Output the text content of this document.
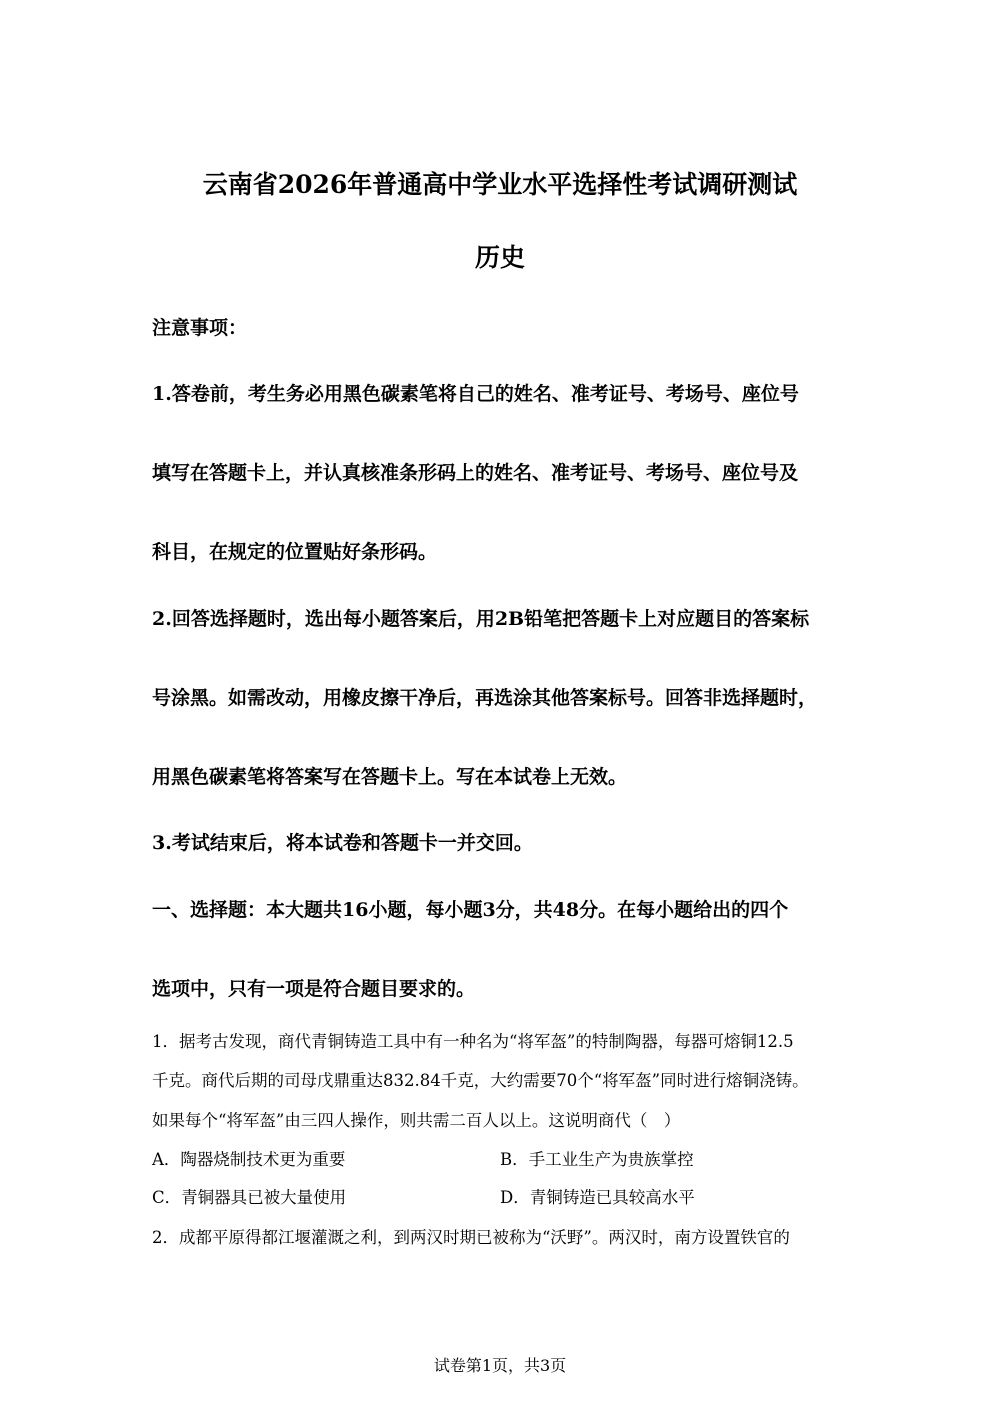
云南省2026年普通高中学业水平选择性考试调研测试
历史
注意事项：
1.答卷前，考生务必用黑色碳素笔将自己的姓名、准考证号、考场号、座位号
填写在答题卡上，并认真核准条形码上的姓名、准考证号、考场号、座位号及
科目，在规定的位置贴好条形码。
2.回答选择题时，选出每小题答案后，用2B铅笔把答题卡上对应题目的答案标
号涂黑。如需改动，用橡皮擦干净后，再选涂其他答案标号。回答非选择题时，
用黑色碳素笔将答案写在答题卡上。写在本试卷上无效。
3.考试结束后，将本试卷和答题卡一并交回。
一、选择题：本大题共16小题，每小题3分，共48分。在每小题给出的四个
选项中，只有一项是符合题目要求的。
1．据考古发现，商代青铜铸造工具中有一种名为“将军盔”的特制陶器，每器可熔铜12.5
千克。商代后期的司母戊鼎重达832.84千克，大约需要70个“将军盔”同时进行熔铜浇铸。
如果每个“将军盔”由三四人操作，则共需二百人以上。这说明商代（　）
A．陶器烧制技术更为重要	B．手工业生产为贵族掌控
C．青铜器具已被大量使用	D．青铜铸造已具较高水平
2．成都平原得都江堰灌溉之利，到两汉时期已被称为“沃野”。两汉时，南方设置铁官的
试卷第1页，共3页
